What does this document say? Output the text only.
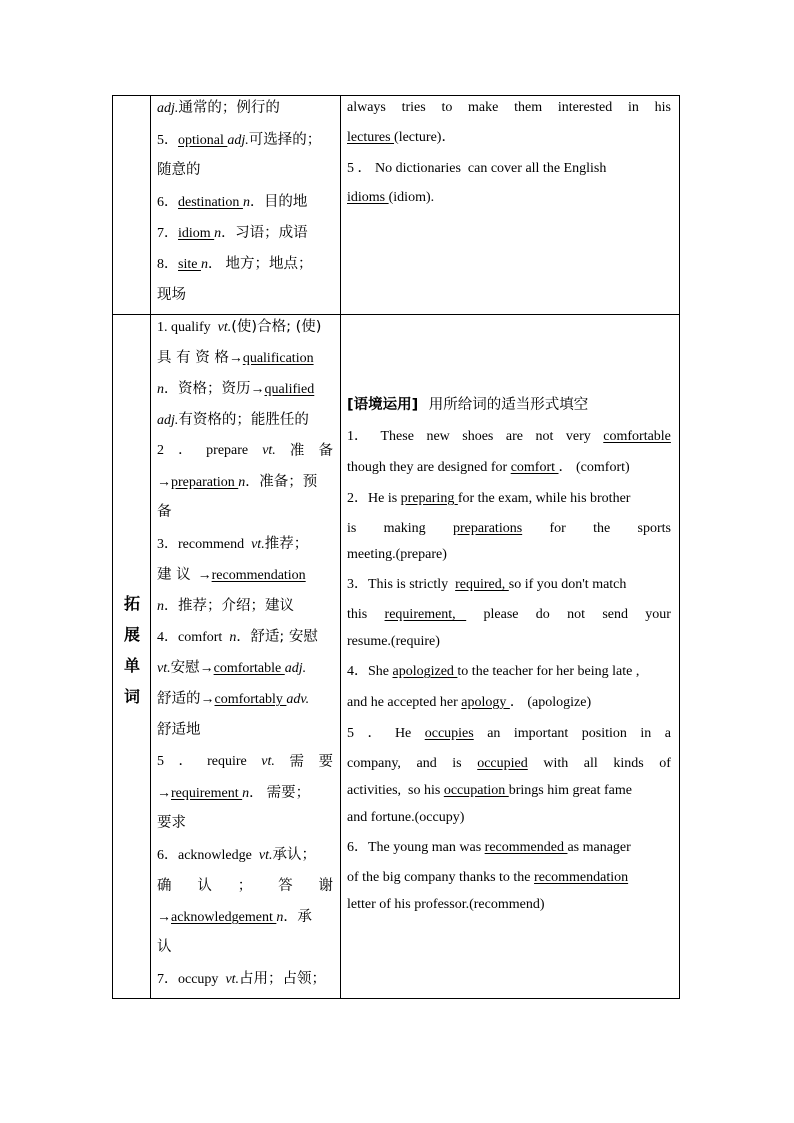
adj.通常的；例行的
5．optional adj.可选择的；
随意的
6．destination n．目的地
7．idiom n．习语；成语
8．site n． 地方；地点；
现场
always tries to make them interested in his
lectures (lecture)．
5 ． No dictionaries  can cover all the English
idioms (idiom).
拓
展
单
词
1. qualify  vt.(使)合格; (使)
具 有 资 格→qualification
n．资格；资历→qualified
adj.有资格的；能胜任的
2 ． prepare vt. 准 备
→preparation n．准备；预
备
3．recommend  vt.推荐；
建 议  →recommendation
n．推荐；介绍；建议
4．comfort  n．舒适; 安慰
vt.安慰→comfortable adj.
舒适的→comfortably adv.
舒适地
5 ． require vt. 需 要
→requirement n． 需要；
要求
6．acknowledge  vt.承认；
确 认 ； 答 谢
→acknowledgement n．承
认
7．occupy  vt.占用；占领；
[语境运用] 用所给词的适当形式填空
1． These new shoes are not very comfortable
though they are designed for comfort ． (comfort)
2．He is preparing for the exam, while his brother
is making preparations for the sports
meeting.(prepare)
3．This is strictly  required, so if you don't match
this requirement, please do not send your
resume.(require)
4．She apologized to the teacher for her being late ,
and he accepted her apology ． (apologize)
5 ． He occupies an important position in a
company, and is occupied with all kinds of
activities,  so his occupation brings him great fame
and fortune.(occupy)
6．The young man was recommended as manager
of the big company thanks to the recommendation
letter of his professor.(recommend)
